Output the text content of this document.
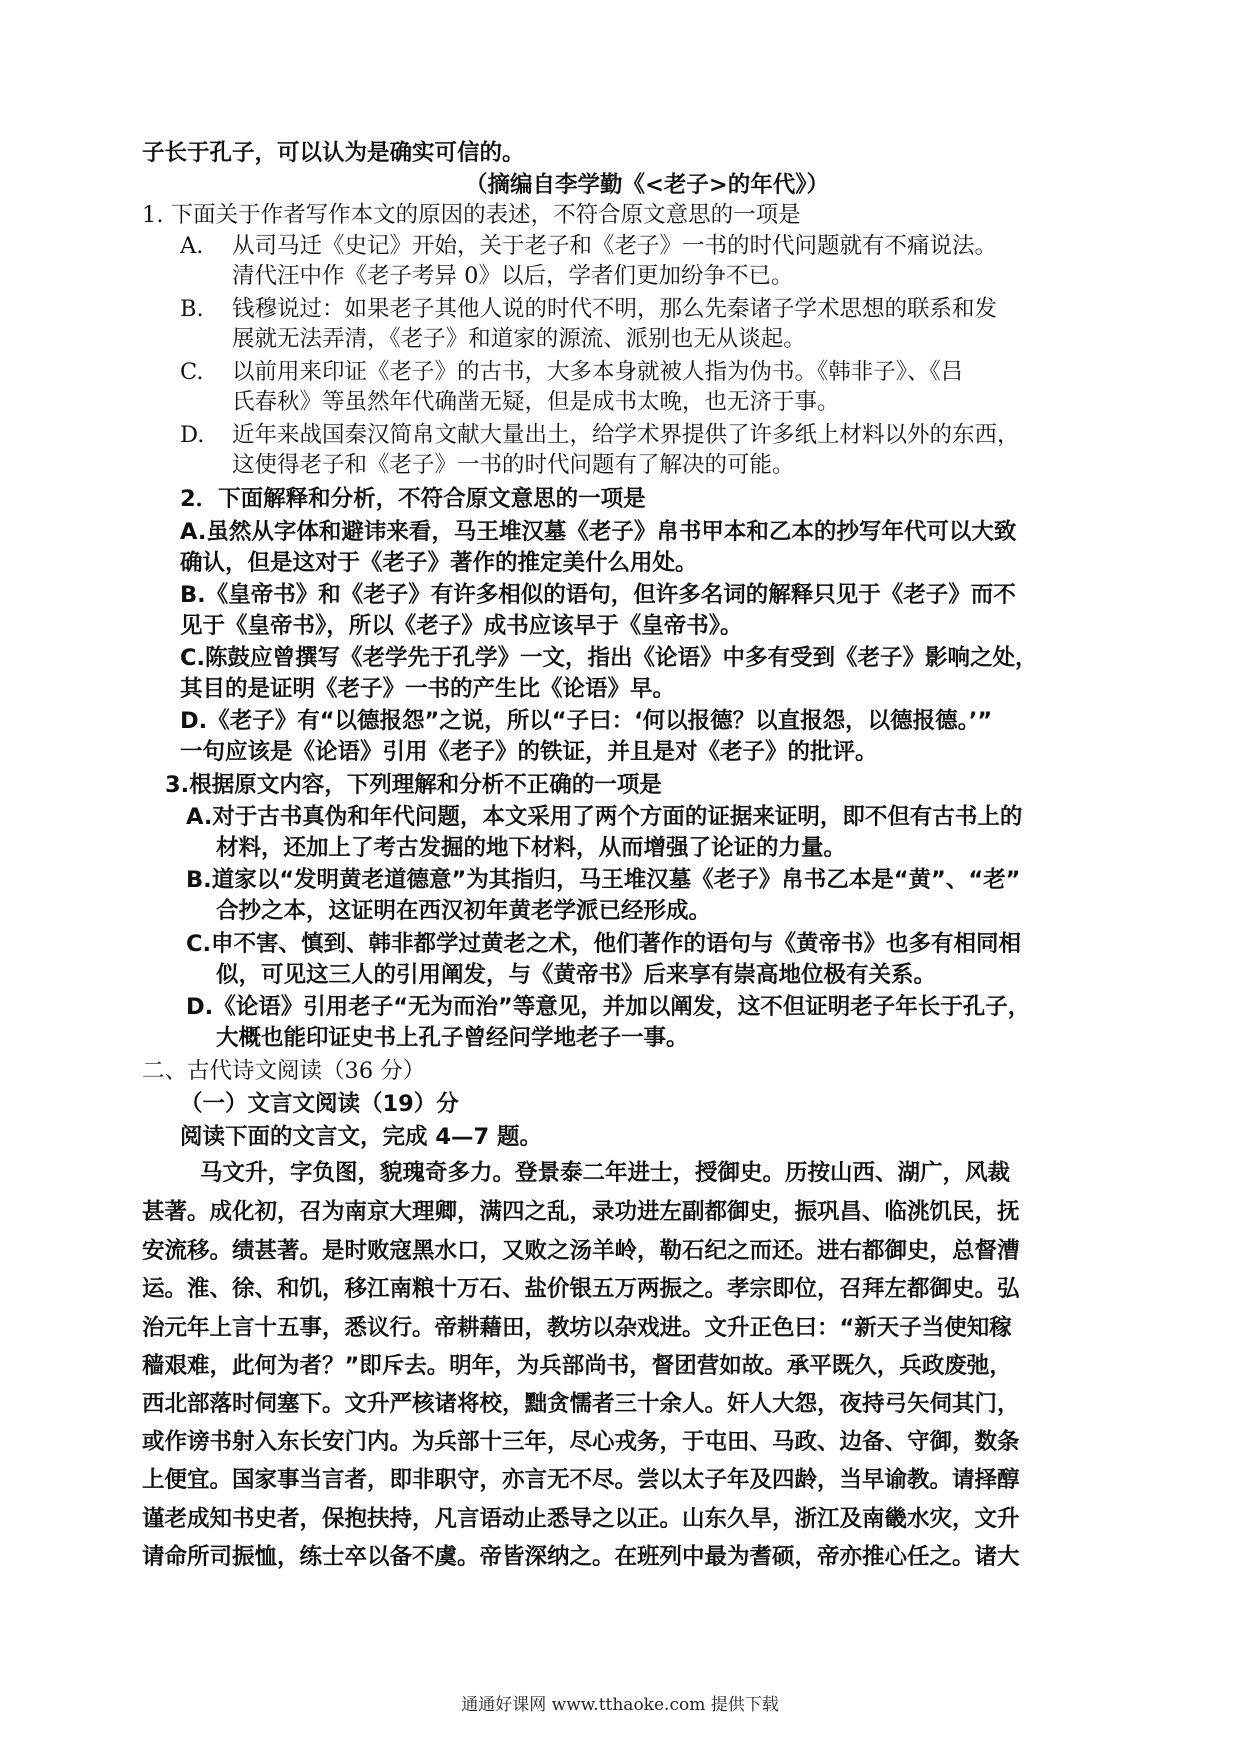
子长于孔子，可以认为是确实可信的。
（摘编自李学勤《<老子>的年代》）
1. 下面关于作者写作本文的原因的表述，不符合原文意思的一项是
A. 从司马迁《史记》开始，关于老子和《老子》一书的时代问题就有不痛说法。
清代汪中作《老子考异 0》以后，学者们更加纷争不已。
B. 钱穆说过：如果老子其他人说的时代不明，那么先秦诸子学术思想的联系和发
展就无法弄清，《老子》和道家的源流、派别也无从谈起。
C. 以前用来印证《老子》的古书，大多本身就被人指为伪书。《韩非子》、《吕
氏春秋》等虽然年代确凿无疑，但是成书太晚，也无济于事。
D. 近年来战国秦汉简帛文献大量出土，给学术界提供了许多纸上材料以外的东西，
这使得老子和《老子》一书的时代问题有了解决的可能。
2．下面解释和分析，不符合原文意思的一项是
A.虽然从字体和避讳来看，马王堆汉墓《老子》帛书甲本和乙本的抄写年代可以大致
确认，但是这对于《老子》著作的推定美什么用处。
B.《皇帝书》和《老子》有许多相似的语句，但许多名词的解释只见于《老子》而不
见于《皇帝书》，所以《老子》成书应该早于《皇帝书》。
C.陈鼓应曾撰写《老学先于孔学》一文，指出《论语》中多有受到《老子》影响之处，
其目的是证明《老子》一书的产生比《论语》早。
D.《老子》有“以德报怨”之说，所以“子曰：‘何以报德？以直报怨，以德报德。’”
一句应该是《论语》引用《老子》的铁证，并且是对《老子》的批评。
3.根据原文内容，下列理解和分析不正确的一项是
A.对于古书真伪和年代问题，本文采用了两个方面的证据来证明，即不但有古书上的
材料，还加上了考古发掘的地下材料，从而增强了论证的力量。
B.道家以“发明黄老道德意”为其指归，马王堆汉墓《老子》帛书乙本是“黄”、“老”
合抄之本，这证明在西汉初年黄老学派已经形成。
C.申不害、慎到、韩非都学过黄老之术，他们著作的语句与《黄帝书》也多有相同相
似，可见这三人的引用阐发，与《黄帝书》后来享有崇高地位极有关系。
D.《论语》引用老子“无为而治”等意见，并加以阐发，这不但证明老子年长于孔子，
大概也能印证史书上孔子曾经问学地老子一事。
二、古代诗文阅读（36 分）
（一）文言文阅读（19）分
阅读下面的文言文，完成 4—7 题。
马文升，字负图，貌瑰奇多力。登景泰二年进士，授御史。历按山西、湖广，风裁
甚著。成化初，召为南京大理卿，满四之乱，录功进左副都御史，振巩昌、临洮饥民，抚
安流移。绩甚著。是时败寇黑水口，又败之汤羊岭，勒石纪之而还。进右都御史，总督漕
运。淮、徐、和饥，移江南粮十万石、盐价银五万两振之。孝宗即位，召拜左都御史。弘
治元年上言十五事，悉议行。帝耕藉田，教坊以杂戏进。文升正色曰：“新天子当使知稼
穑艰难，此何为者？”即斥去。明年，为兵部尚书，督团营如故。承平既久，兵政废弛，
西北部落时伺塞下。文升严核诸将校，黜贪懦者三十余人。奸人大怨，夜持弓矢伺其门，
或作谤书射入东长安门内。为兵部十三年，尽心戎务，于屯田、马政、边备、守御，数条
上便宜。国家事当言者，即非职守，亦言无不尽。尝以太子年及四龄，当早谕教。请择醇
谨老成知书史者，保抱扶持，凡言语动止悉导之以正。山东久旱，浙江及南畿水灾，文升
请命所司振恤，练士卒以备不虞。帝皆深纳之。在班列中最为耆硕，帝亦推心任之。诸大
通通好课网 www.tthaoke.com 提供下载
